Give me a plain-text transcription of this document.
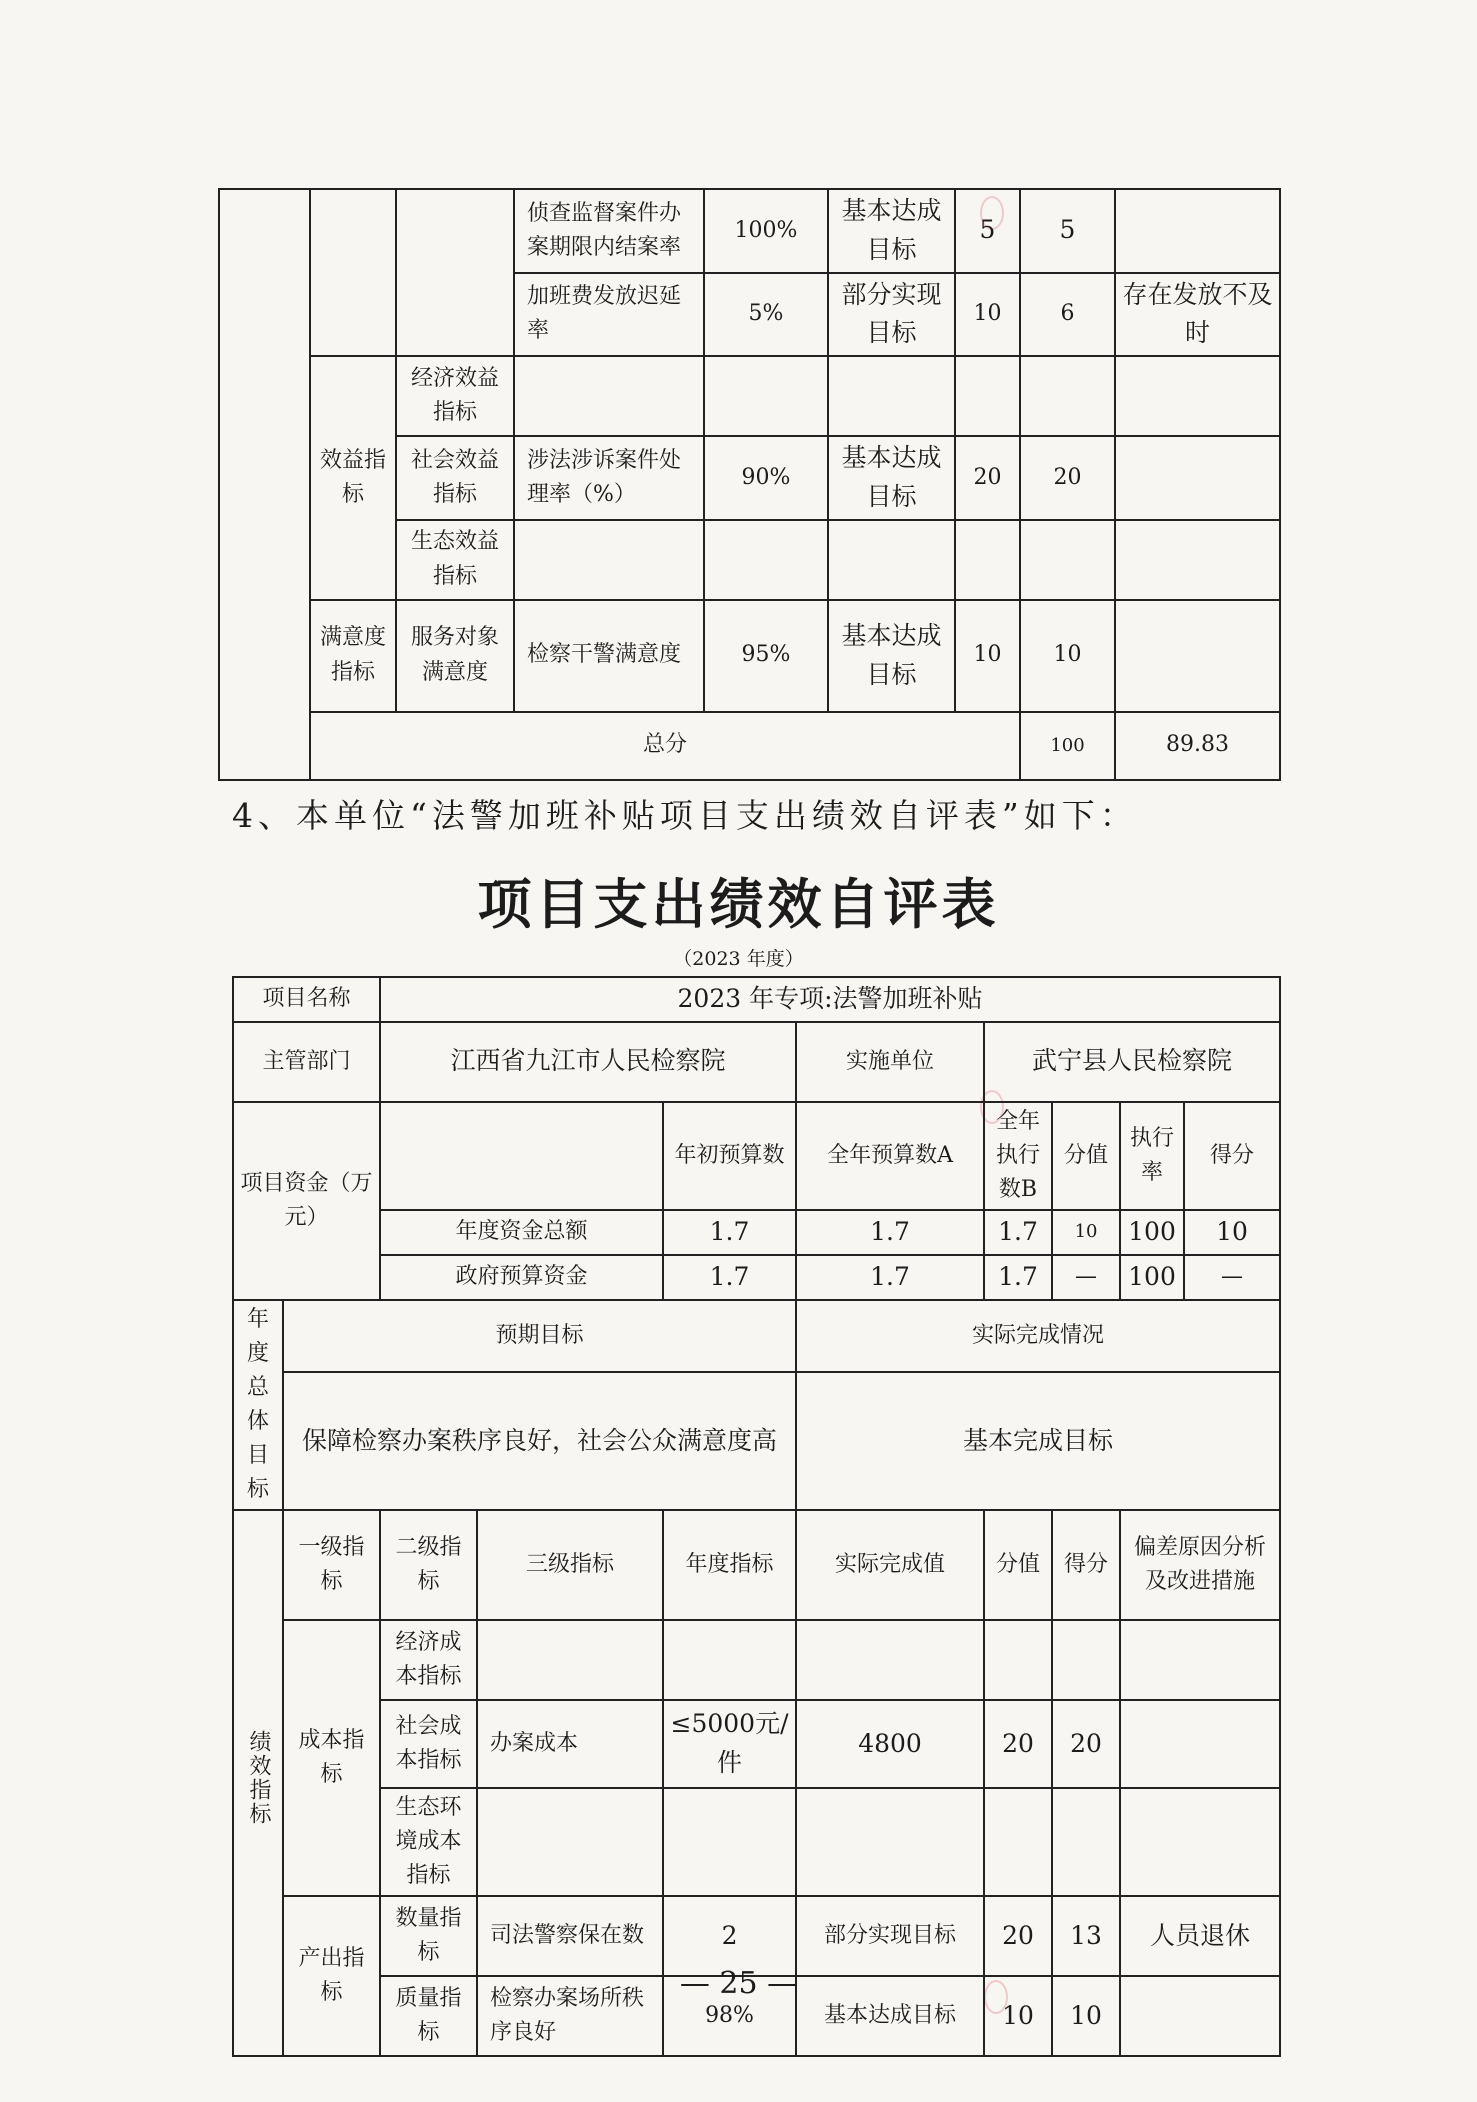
			侦查监督案件办案期限内结案率	100%	基本达成目标	5	5		
			加班费发放迟延率	5%	部分实现目标	10	6	存在发放不及时	
	效益指标	经济效益指标							
		社会效益指标	涉法涉诉案件处理率（%）	90%	基本达成目标	20	20		
		生态效益指标							
	满意度指标	服务对象满意度	检察干警满意度	95%	基本达成目标	10	10		
	总分						100	89.83	

4、本单位“法警加班补贴项目支出绩效自评表”如下：

项目支出绩效自评表
（2023 年度）
项目名称		2023 年专项:法警加班补贴							
主管部门		江西省九江市人民检察院			实施单位	武宁县人民检察院			
项目资金（万元）				年初预算数	全年预算数A	全年执行数B	分值	执行率	得分
		年度资金总额		1.7	1.7	1.7	10	100	10
		政府预算资金		1.7	1.7	1.7	—	100	—
年度总体目标	预期目标				实际完成情况				
	保障检察办案秩序良好，社会公众满意度高				基本完成目标				
绩效指标	一级指标	二级指标	三级指标	年度指标	实际完成值	分值	得分	偏差原因分析及改进措施	
	成本指标	经济成本指标							
		社会成本指标	办案成本	≤5000元/件	4800	20	20		
		生态环境成本指标							
	产出指标	数量指标	司法警察保在数	2	部分实现目标	20	13	人员退休	
		质量指标	检察办案场所秩序良好	98%	基本达成目标	10	10		
— 25 —
